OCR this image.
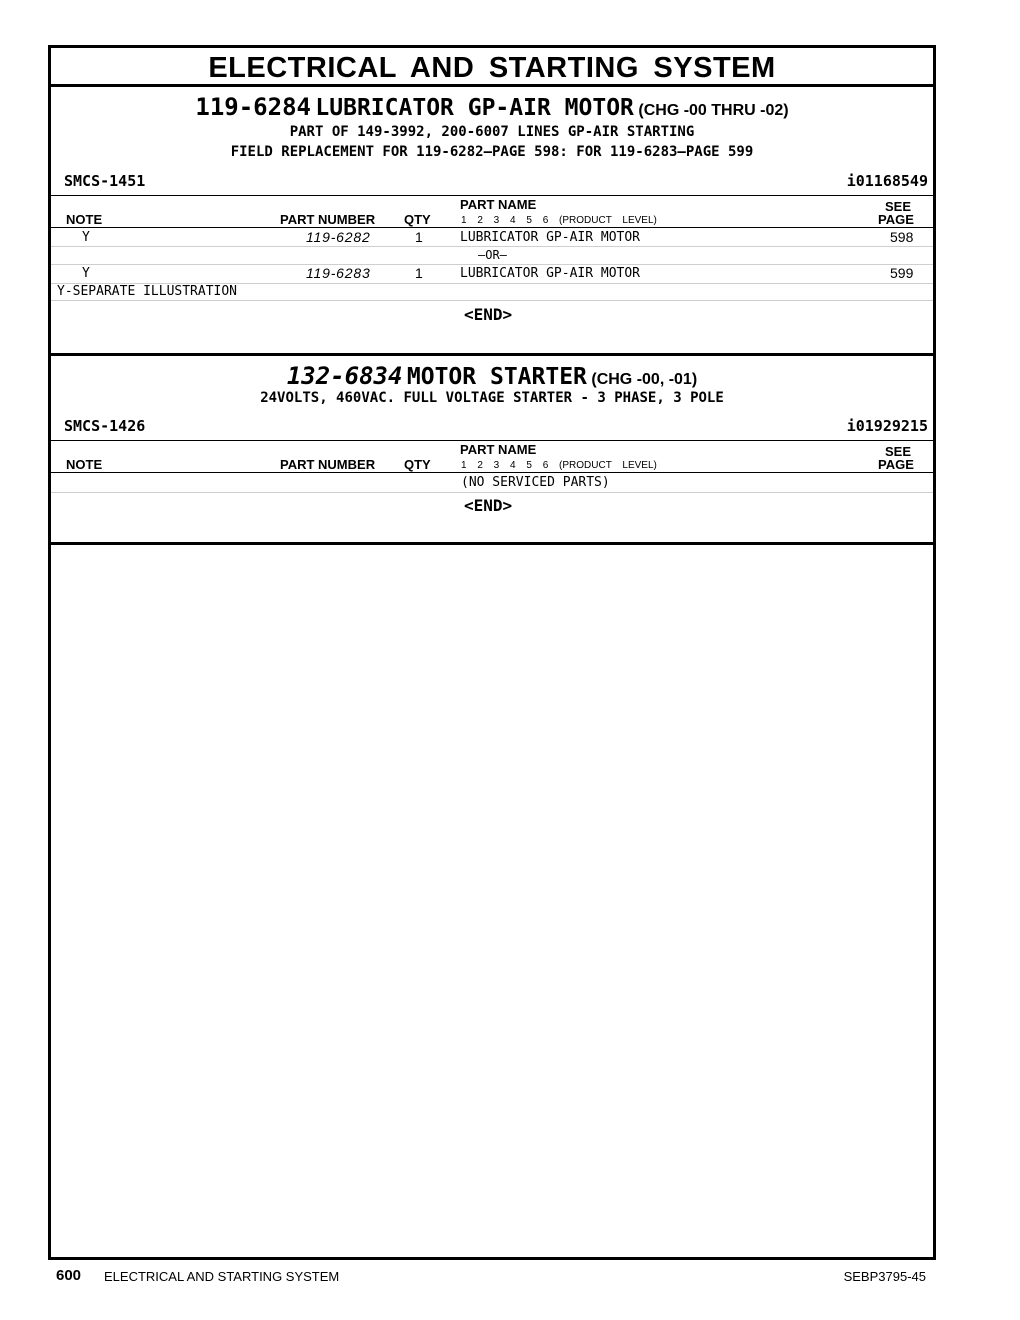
ELECTRICAL AND STARTING SYSTEM
119-6284 LUBRICATOR GP-AIR MOTOR (CHG -00 THRU -02)
PART OF 149-3992, 200-6007 LINES GP-AIR STARTING
FIELD REPLACEMENT FOR 119-6282—PAGE 598: FOR 119-6283—PAGE 599
SMCS-1451	i01168549
PART NAME	SEE
NOTE	PART NUMBER QTY	1 2 3 4 5 6 (PRODUCT LEVEL)	PAGE
Y	119-6282	1	LUBRICATOR GP-AIR MOTOR	598
—OR—
Y	119-6283	1	LUBRICATOR GP-AIR MOTOR	599
Y-SEPARATE ILLUSTRATION
<END>
132-6834 MOTOR STARTER (CHG -00, -01)
24VOLTS, 460VAC. FULL VOLTAGE STARTER - 3 PHASE, 3 POLE
SMCS-1426	i01929215
PART NAME	SEE
NOTE	PART NUMBER QTY	1 2 3 4 5 6 (PRODUCT LEVEL)	PAGE
(NO SERVICED PARTS)
<END>
600 ELECTRICAL AND STARTING SYSTEM	SEBP3795-45
